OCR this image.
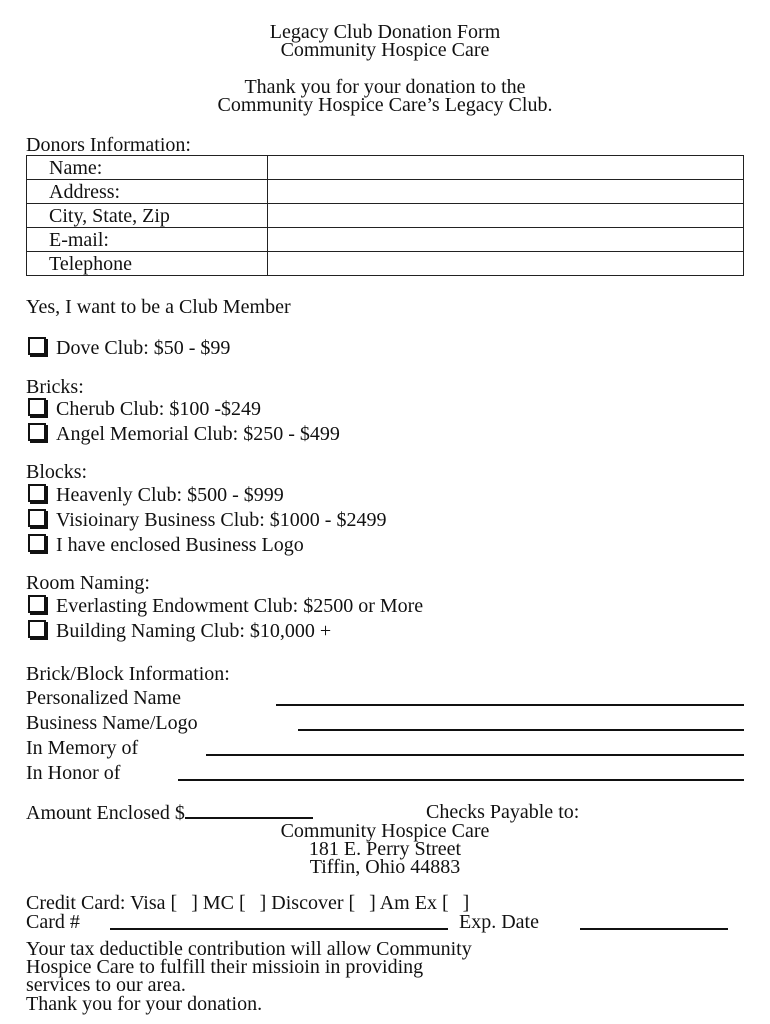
Legacy Club Donation Form
Community Hospice Care
Thank you for your donation to the
Community Hospice Care’s Legacy Club.
Donors Information:
Name:	
Address:	
City, State, Zip	
E-mail:	
Telephone	
Yes, I want to be a Club Member
Dove Club: $50 - $99
Bricks:
Cherub Club: $100 -$249
Angel Memorial Club: $250 - $499
Blocks:
Heavenly Club: $500 - $999
Visioinary Business Club: $1000 - $2499
I have enclosed Business Logo
Room Naming:
Everlasting Endowment Club: $2500 or More
Building Naming Club: $10,000 +
Brick/Block Information:
Personalized Name
Business Name/Logo
In Memory of
In Honor of
Amount Enclosed $	Checks Payable to:
Community Hospice Care
181 E. Perry Street
Tiffin, Ohio 44883
Credit Card: Visa [ ] MC [ ] Discover [ ] Am Ex [ ]
Card #	Exp. Date
Your tax deductible contribution will allow Community
Hospice Care to fulfill their missioin in providing
services to our area.
Thank you for your donation.
